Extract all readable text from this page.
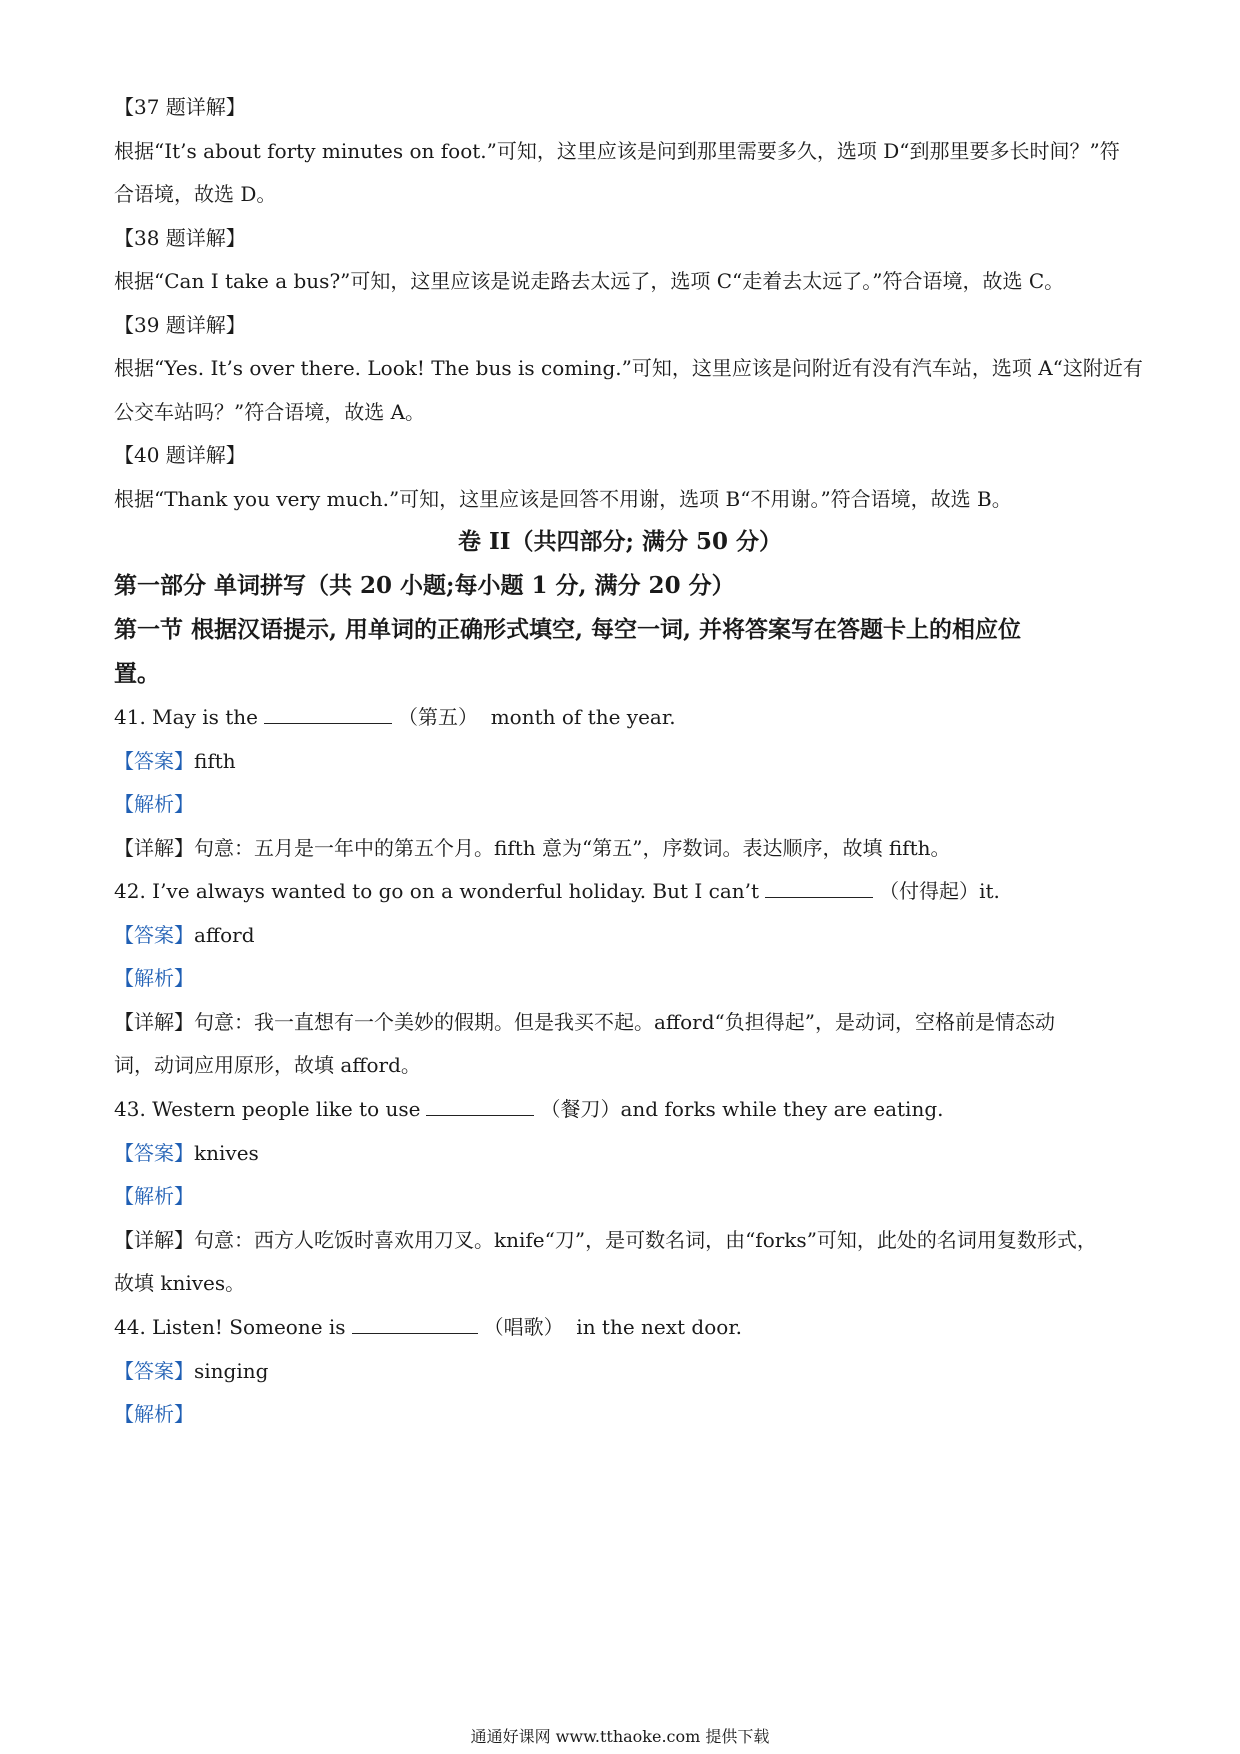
【37 题详解】
根据“It’s about forty minutes on foot.”可知，这里应该是问到那里需要多久，选项 D“到那里要多长时间？”符
合语境，故选 D。
【38 题详解】
根据“Can I take a bus?”可知，这里应该是说走路去太远了，选项 C“走着去太远了。”符合语境，故选 C。
【39 题详解】
根据“Yes. It’s over there. Look! The bus is coming.”可知，这里应该是问附近有没有汽车站，选项 A“这附近有
公交车站吗？”符合语境，故选 A。
【40 题详解】
根据“Thank you very much.”可知，这里应该是回答不用谢，选项 B“不用谢。”符合语境，故选 B。
卷 II（共四部分; 满分 50 分）
第一部分 单词拼写（共 20 小题;每小题 1 分, 满分 20 分）
第一节 根据汉语提示, 用单词的正确形式填空, 每空一词, 并将答案写在答题卡上的相应位
置。
41. May is the	（第五） month of the year.
【答案】fifth
【解析】
【详解】句意：五月是一年中的第五个月。fifth 意为“第五”，序数词。表达顺序，故填 fifth。
42. I’ve always wanted to go on a wonderful holiday. But I can’t	（付得起）it.
【答案】afford
【解析】
【详解】句意：我一直想有一个美妙的假期。但是我买不起。afford“负担得起”，是动词，空格前是情态动
词，动词应用原形，故填 afford。
43. Western people like to use	（餐刀）and forks while they are eating.
【答案】knives
【解析】
【详解】句意：西方人吃饭时喜欢用刀叉。knife“刀”，是可数名词，由“forks”可知，此处的名词用复数形式，
故填 knives。
44. Listen! Someone is	（唱歌） in the next door.
【答案】singing
【解析】
通通好课网 www.tthaoke.com 提供下载
